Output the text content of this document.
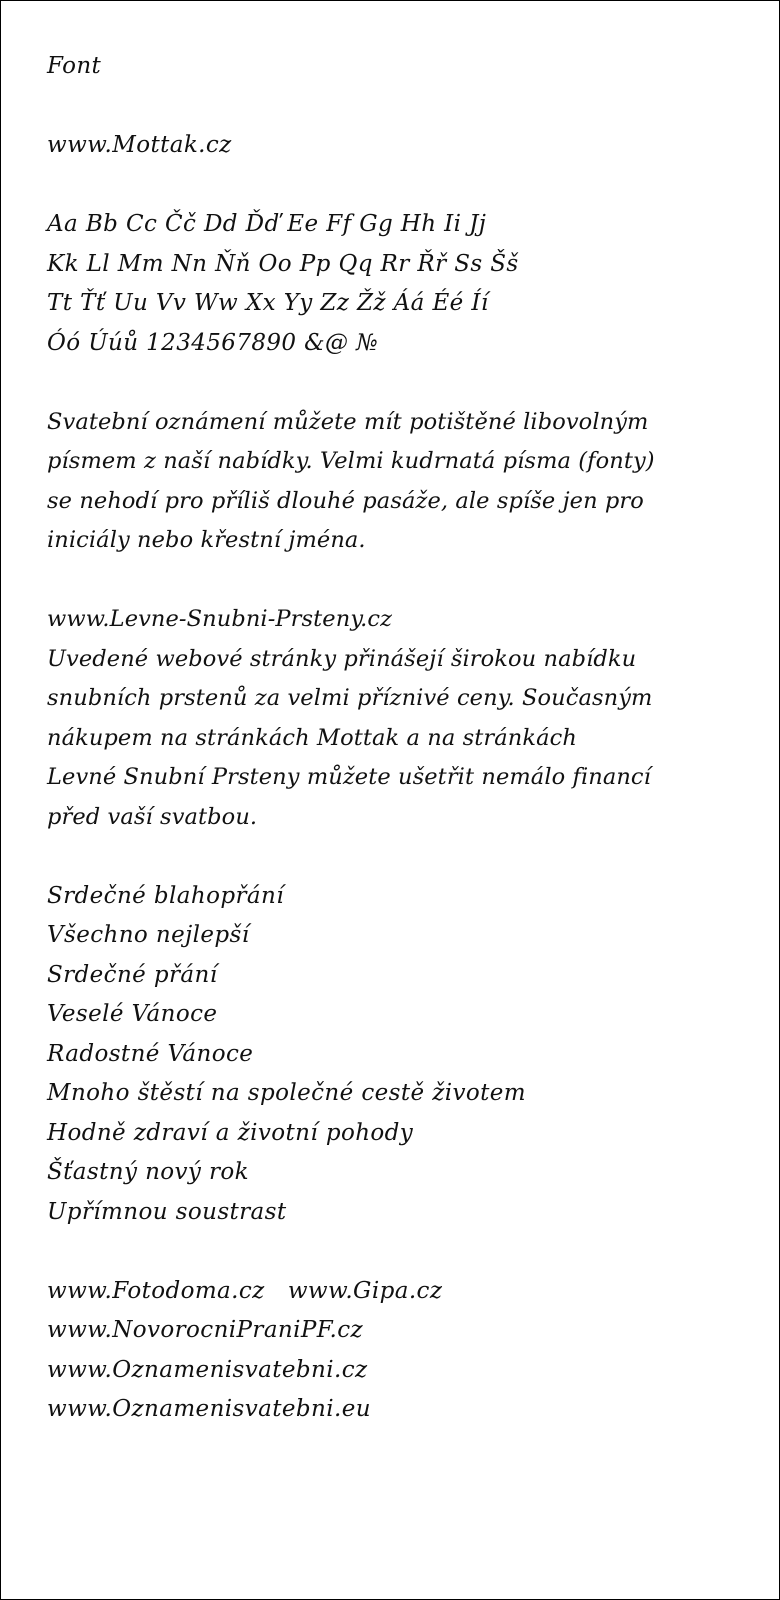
Font
www.Mottak.cz
Aa Bb Cc Čč Dd Ďď Ee Ff Gg Hh Ii Jj
Kk Ll Mm Nn Ňň Oo Pp Qq Rr Řř Ss Šš
Tt Ťť Uu Vv Ww Xx Yy Zz Žž Áá Éé Íí
Óó Úúů 1234567890 &@ №
Svatební oznámení můžete mít potištěné libovolným
písmem z naší nabídky. Velmi kudrnatá písma (fonty)
se nehodí pro příliš dlouhé pasáže, ale spíše jen pro
iniciály nebo křestní jména.
www.Levne-Snubni-Prsteny.cz
Uvedené webové stránky přinášejí širokou nabídku
snubních prstenů za velmi příznivé ceny. Současným
nákupem na stránkách Mottak a na stránkách
Levné Snubní Prsteny můžete ušetřit nemálo financí
před vaší svatbou.
Srdečné blahopřání
Všechno nejlepší
Srdečné přání
Veselé Vánoce
Radostné Vánoce
Mnoho štěstí na společné cestě životem
Hodně zdraví a životní pohody
Šťastný nový rok
Upřímnou soustrast
www.Fotodoma.cz   www.Gipa.cz
www.NovorocniPraniPF.cz
www.Oznamenisvatebni.cz
www.Oznamenisvatebni.eu
